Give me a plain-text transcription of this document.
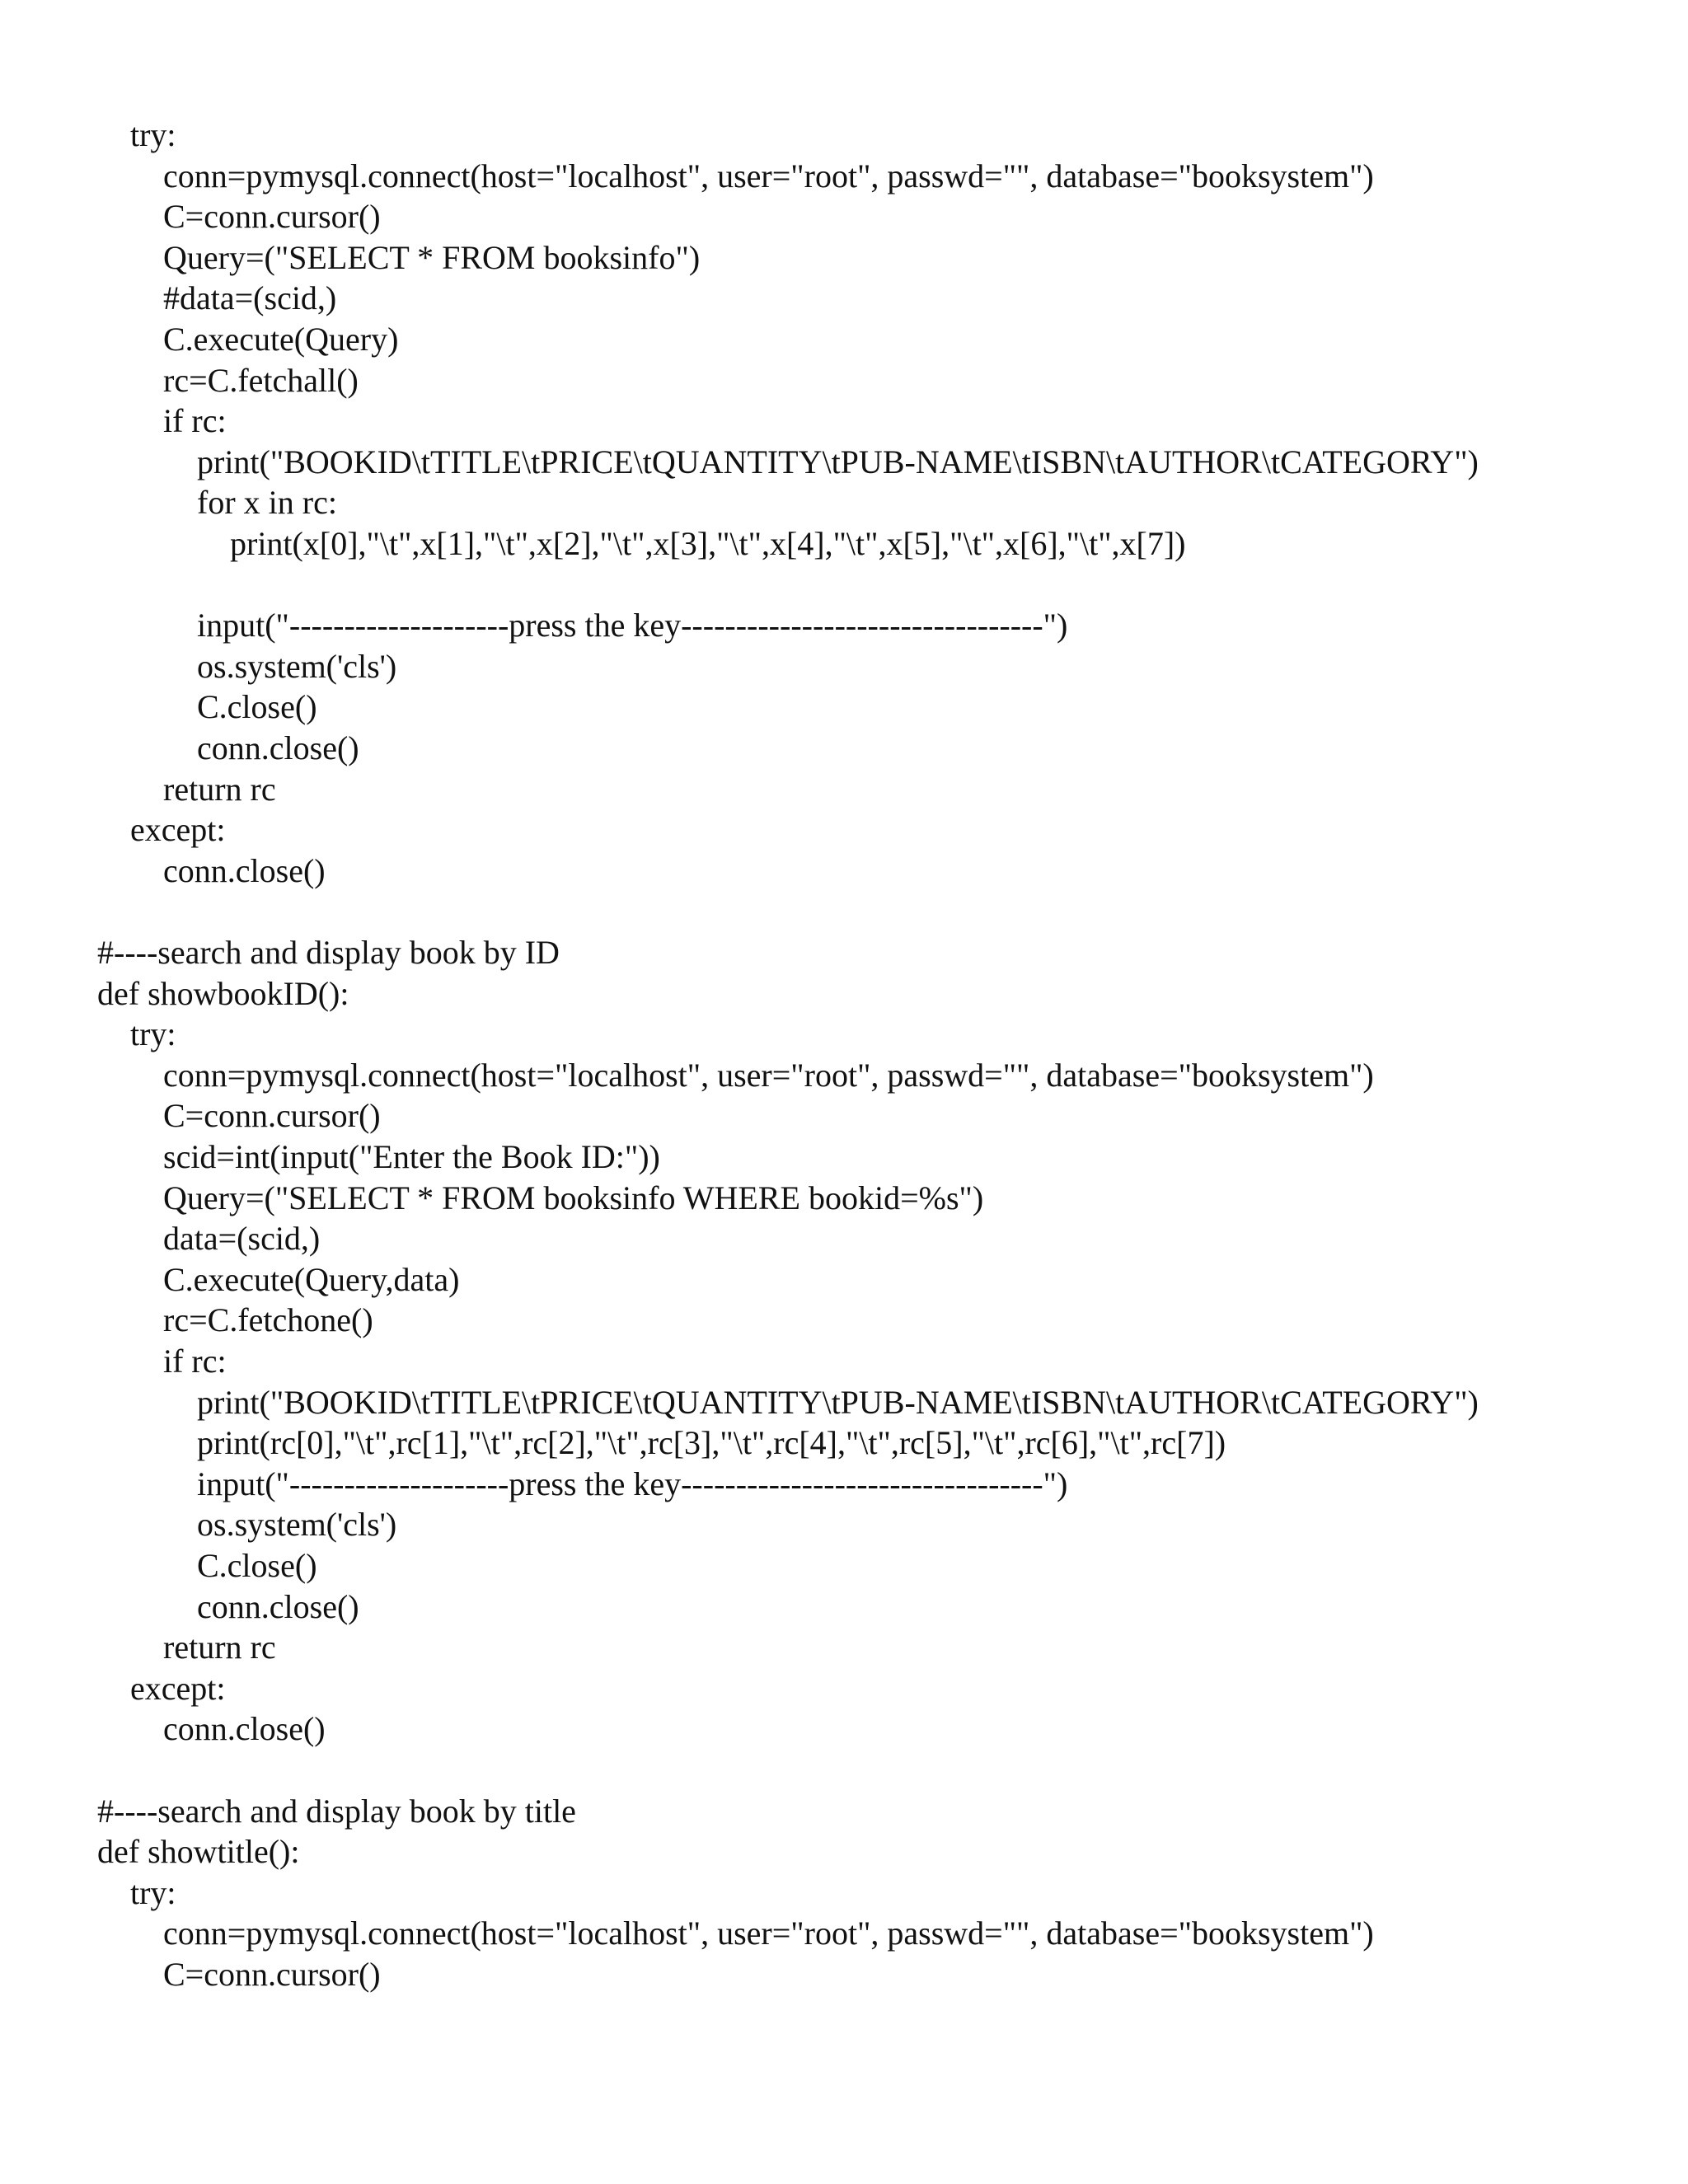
try:
conn=pymysql.connect(host="localhost", user="root", passwd="", database="booksystem")
C=conn.cursor()
Query=("SELECT * FROM booksinfo")
#data=(scid,)
C.execute(Query)
rc=C.fetchall()
if rc:
print("BOOKID\tTITLE\tPRICE\tQUANTITY\tPUB-NAME\tISBN\tAUTHOR\tCATEGORY")
for x in rc:
print(x[0],"\t",x[1],"\t",x[2],"\t",x[3],"\t",x[4],"\t",x[5],"\t",x[6],"\t",x[7])
input("--------------------press the key---------------------------------")
os.system('cls')
C.close()
conn.close()
return rc
except:
conn.close()
#----search and display book by ID
def showbookID():
try:
conn=pymysql.connect(host="localhost", user="root", passwd="", database="booksystem")
C=conn.cursor()
scid=int(input("Enter the Book ID:"))
Query=("SELECT * FROM booksinfo WHERE bookid=%s")
data=(scid,)
C.execute(Query,data)
rc=C.fetchone()
if rc:
print("BOOKID\tTITLE\tPRICE\tQUANTITY\tPUB-NAME\tISBN\tAUTHOR\tCATEGORY")
print(rc[0],"\t",rc[1],"\t",rc[2],"\t",rc[3],"\t",rc[4],"\t",rc[5],"\t",rc[6],"\t",rc[7])
input("--------------------press the key---------------------------------")
os.system('cls')
C.close()
conn.close()
return rc
except:
conn.close()
#----search and display book by title
def showtitle():
try:
conn=pymysql.connect(host="localhost", user="root", passwd="", database="booksystem")
C=conn.cursor()
